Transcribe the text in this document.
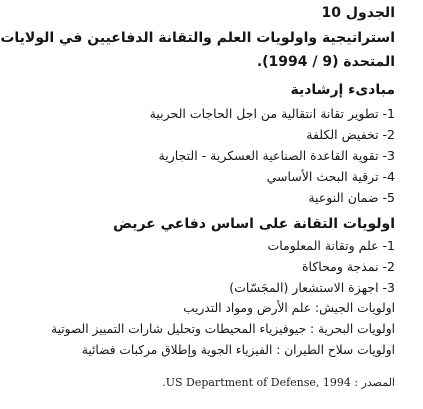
الجدول 10
استراتيجية واولويات العلم والتقانة الدفاعيين في الولايات
المتحدة (9 / 1994).
مبادىء إرشادية
1- تطوير تقانة انتقالية من اجل الحاجات الحربية
2- تخفيض الكلفة
3- تقوية القاعدة الصناعية العسكرية - التجارية
4- ترقية البحث الأساسي
5- ضمان النوعية
اولويات التقانة على اساس دفاعي عريض
1- علم وتقانة المعلومات
2- نمذجة ومحاكاة
3- اجهزة الاستشعار (المجَسّات)
اولويات الجيش: علم الأرض ومواد التدريب
اولويات البحرية : جيوفيزياء المحيطات وتحليل شارات التمييز الصوتية
اولويات سلاح الطيران : الفيزياء الجوية وإطلاق مركبات فضائية
المصدر : US Department of Defense, 1994.
